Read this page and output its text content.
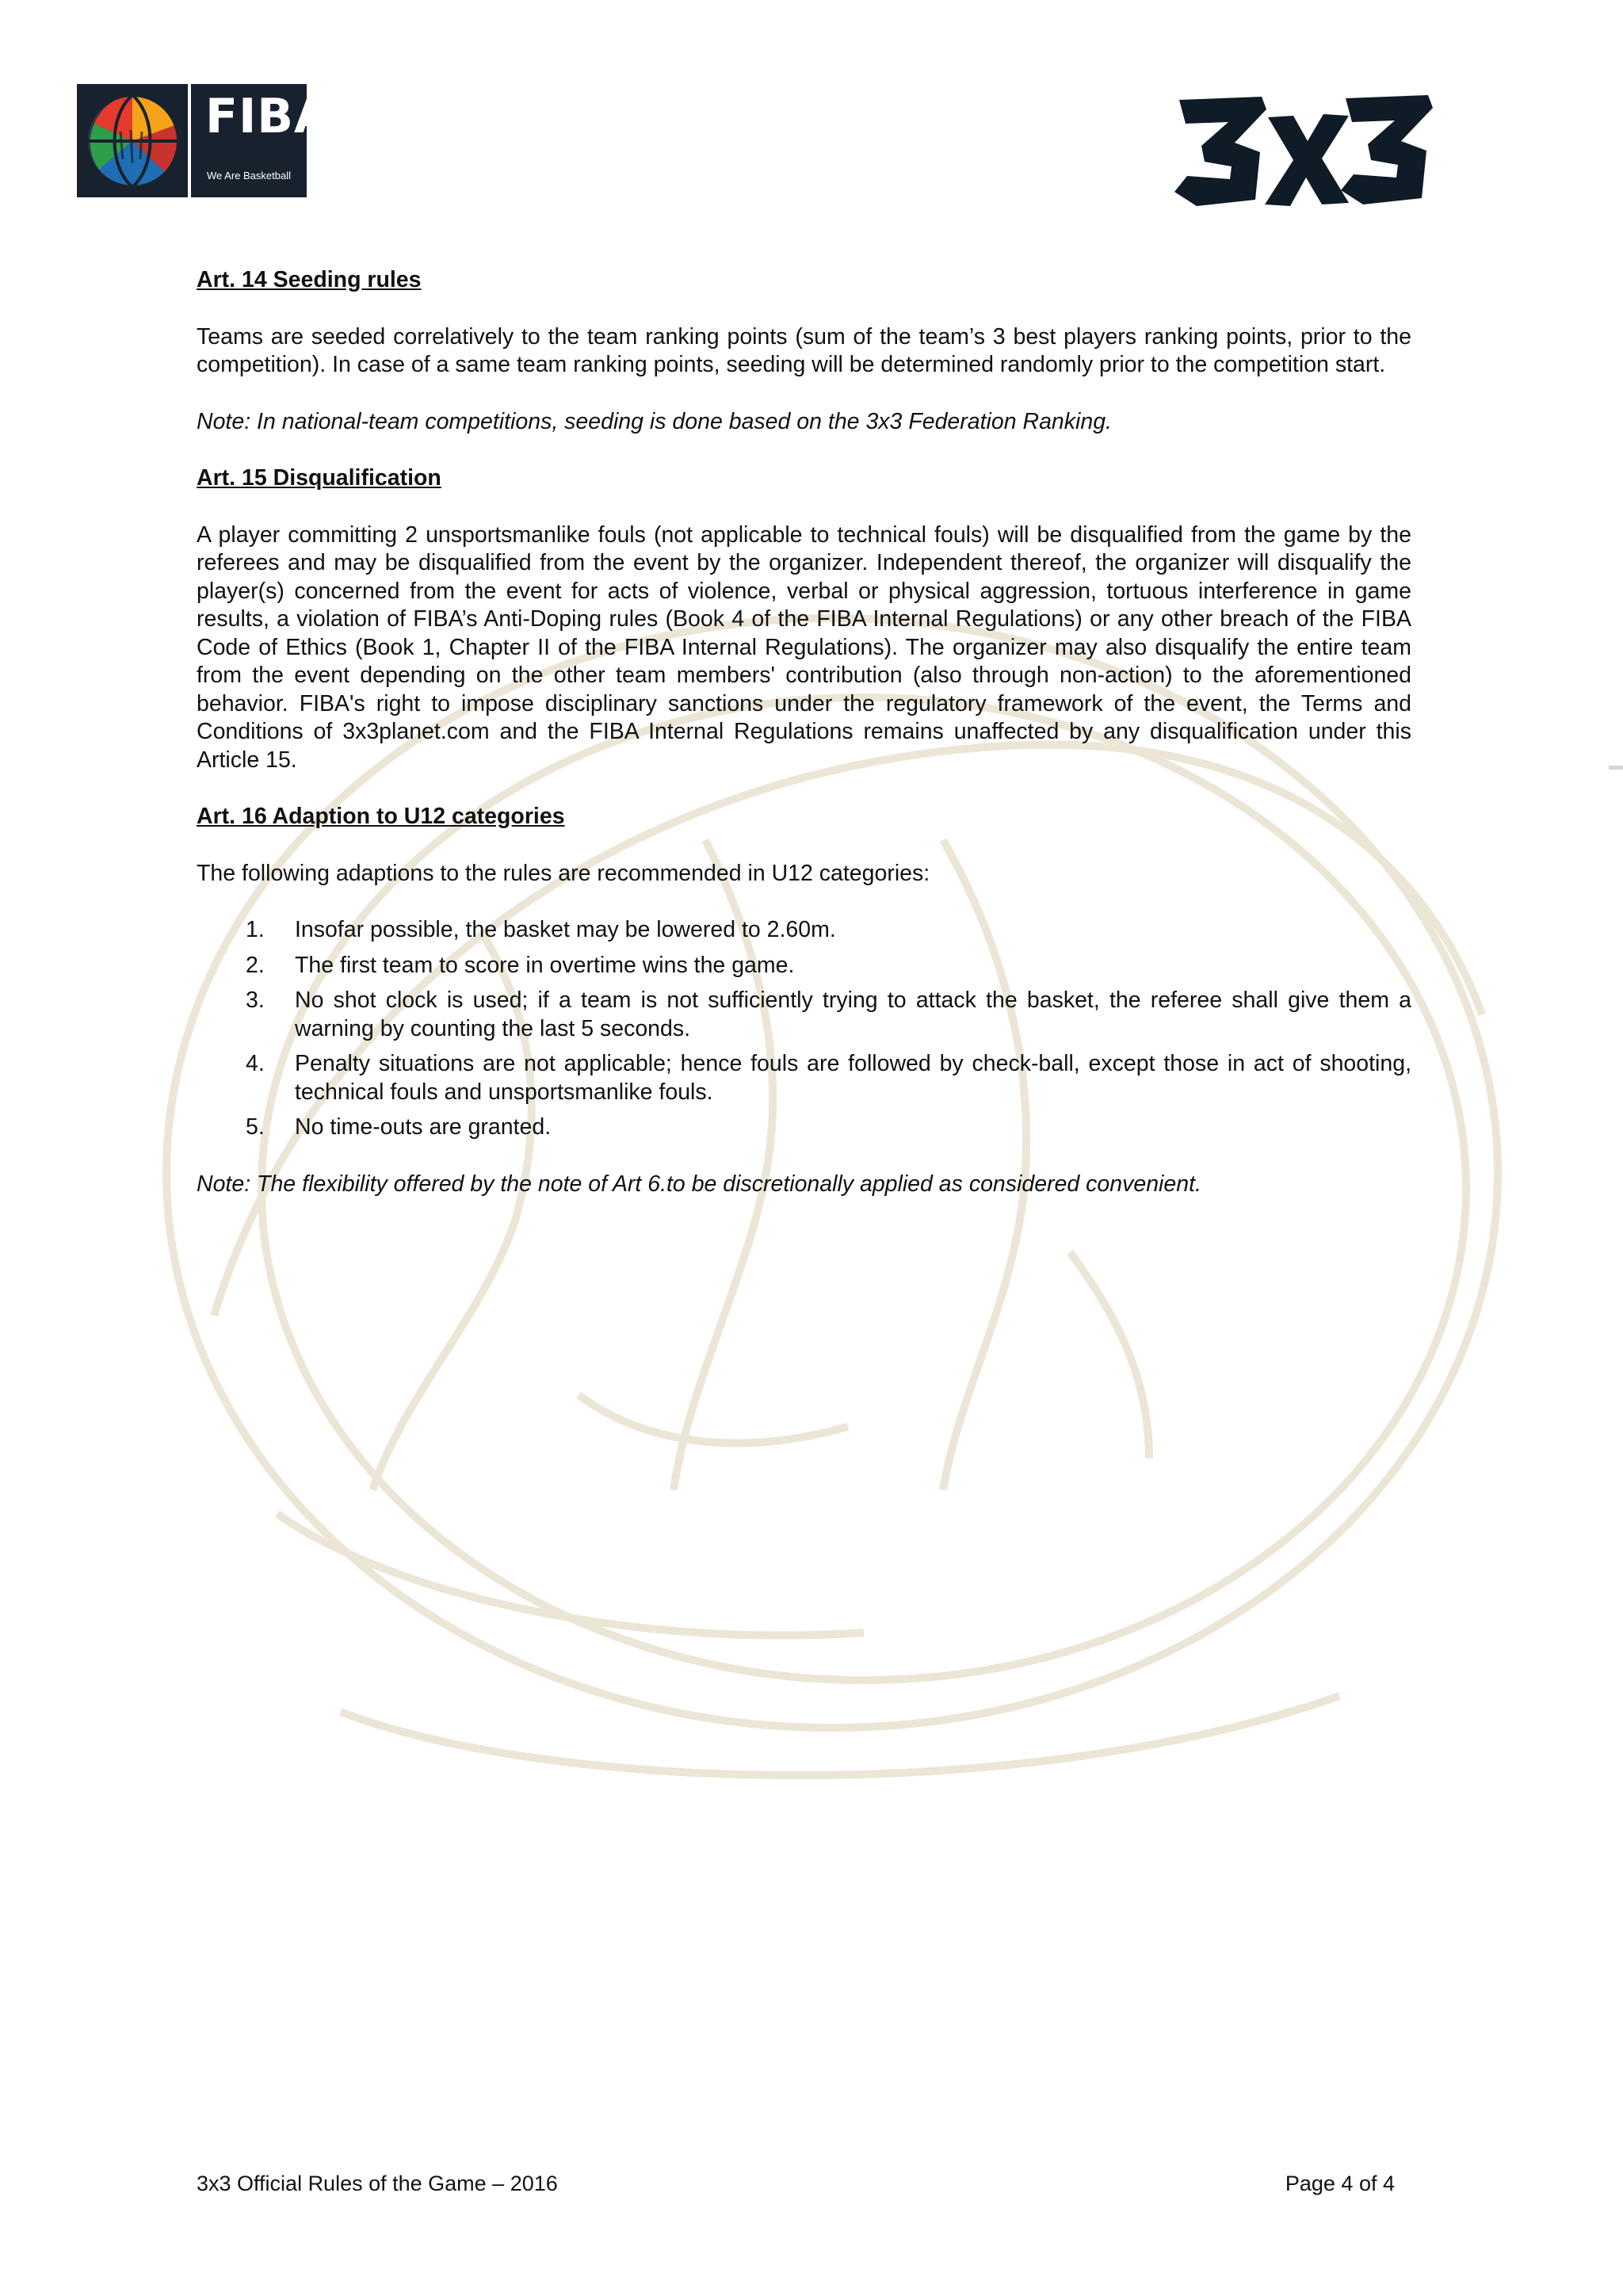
FIBA
We Are Basketball
Art. 14 Seeding rules
Teams are seeded correlatively to the team ranking points (sum of the team’s 3 best players ranking points, prior to the competition). In case of a same team ranking points, seeding will be determined randomly prior to the competition start.
Note: In national-team competitions, seeding is done based on the 3x3 Federation Ranking.
Art. 15 Disqualification
A player committing 2 unsportsmanlike fouls (not applicable to technical fouls) will be disqualified from the game by the referees and may be disqualified from the event by the organizer. Independent thereof, the organizer will disqualify the player(s) concerned from the event for acts of violence, verbal or physical aggression, tortuous interference in game results, a violation of FIBA’s Anti-Doping rules (Book 4 of the FIBA Internal Regulations) or any other breach of the FIBA Code of Ethics (Book 1, Chapter II of the FIBA Internal Regulations). The organizer may also disqualify the entire team from the event depending on the other team members' contribution (also through non-action) to the aforementioned behavior. FIBA's right to impose disciplinary sanctions under the regulatory framework of the event, the Terms and Conditions of 3x3planet.com and the FIBA Internal Regulations remains unaffected by any disqualification under this Article 15.
Art. 16 Adaption to U12 categories
The following adaptions to the rules are recommended in U12 categories:
1. Insofar possible, the basket may be lowered to 2.60m.
2. The first team to score in overtime wins the game.
3. No shot clock is used; if a team is not sufficiently trying to attack the basket, the referee shall give them a warning by counting the last 5 seconds.
4. Penalty situations are not applicable; hence fouls are followed by check-ball, except those in act of shooting, technical fouls and unsportsmanlike fouls.
5. No time-outs are granted.
Note: The flexibility offered by the note of Art 6.to be discretionally applied as considered convenient.
3x3 Official Rules of the Game – 2016	Page 4 of 4
